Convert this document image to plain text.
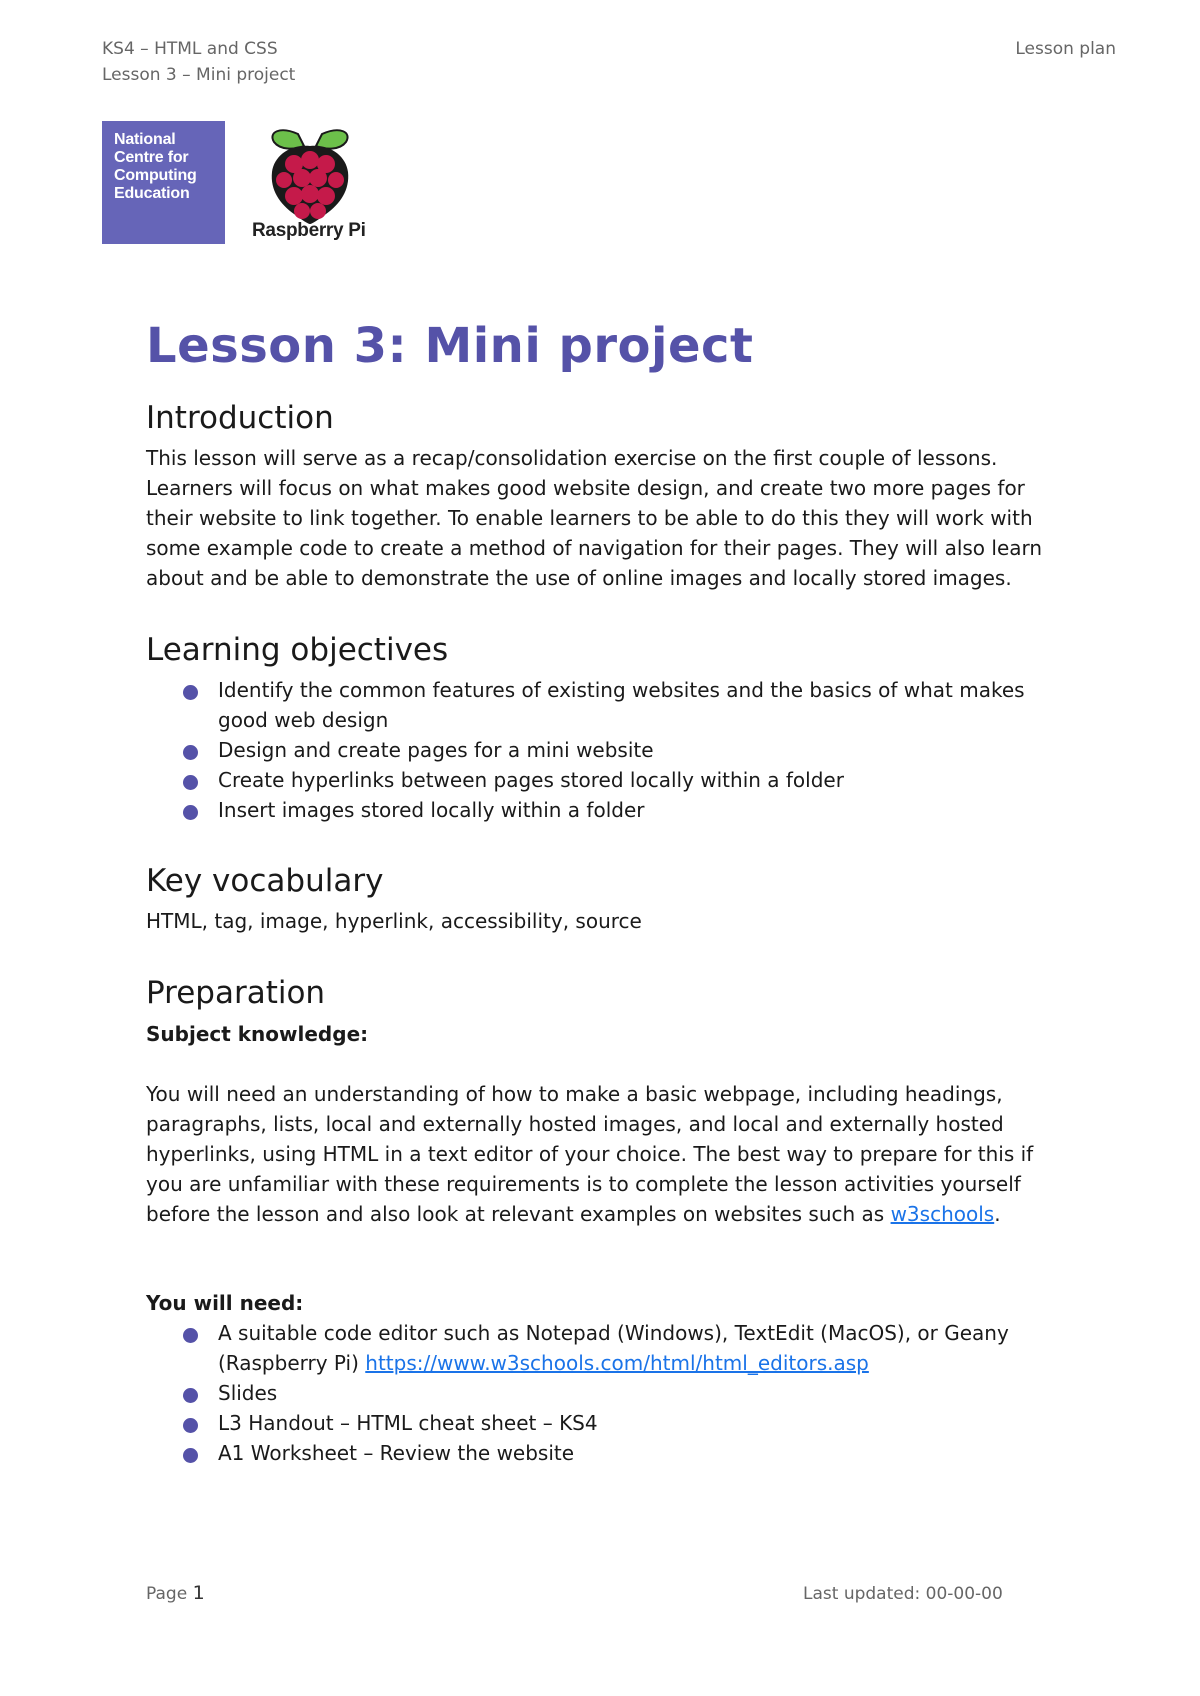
KS4 – HTML and CSS
Lesson 3 – Mini project
Lesson plan
National
Centre for
Computing
Education
Raspberry Pi
Lesson 3: Mini project
Introduction

This lesson will serve as a recap/consolidation exercise on the first couple of lessons. Learners will focus on what makes good website design, and create two more pages for their website to link together. To enable learners to be able to do this they will work with some example code to create a method of navigation for their pages. They will also learn about and be able to demonstrate the use of online images and locally stored images.

Learning objectives
Identify the common features of existing websites and the basics of what makes good web design
Design and create pages for a mini website
Create hyperlinks between pages stored locally within a folder
Insert images stored locally within a folder
Key vocabulary

HTML, tag, image, hyperlink, accessibility, source

Preparation

Subject knowledge:

You will need an understanding of how to make a basic webpage, including headings, paragraphs, lists, local and externally hosted images, and local and externally hosted hyperlinks, using HTML in a text editor of your choice. The best way to prepare for this if you are unfamiliar with these requirements is to complete the lesson activities yourself before the lesson and also look at relevant examples on websites such as w3schools.

You will need:

A suitable code editor such as Notepad (Windows), TextEdit (MacOS), or Geany (Raspberry Pi) https://www.w3schools.com/html/html_editors.asp
Slides
L3 Handout – HTML cheat sheet – KS4
A1 Worksheet – Review the website
Page 1	Last updated: 00-00-00
